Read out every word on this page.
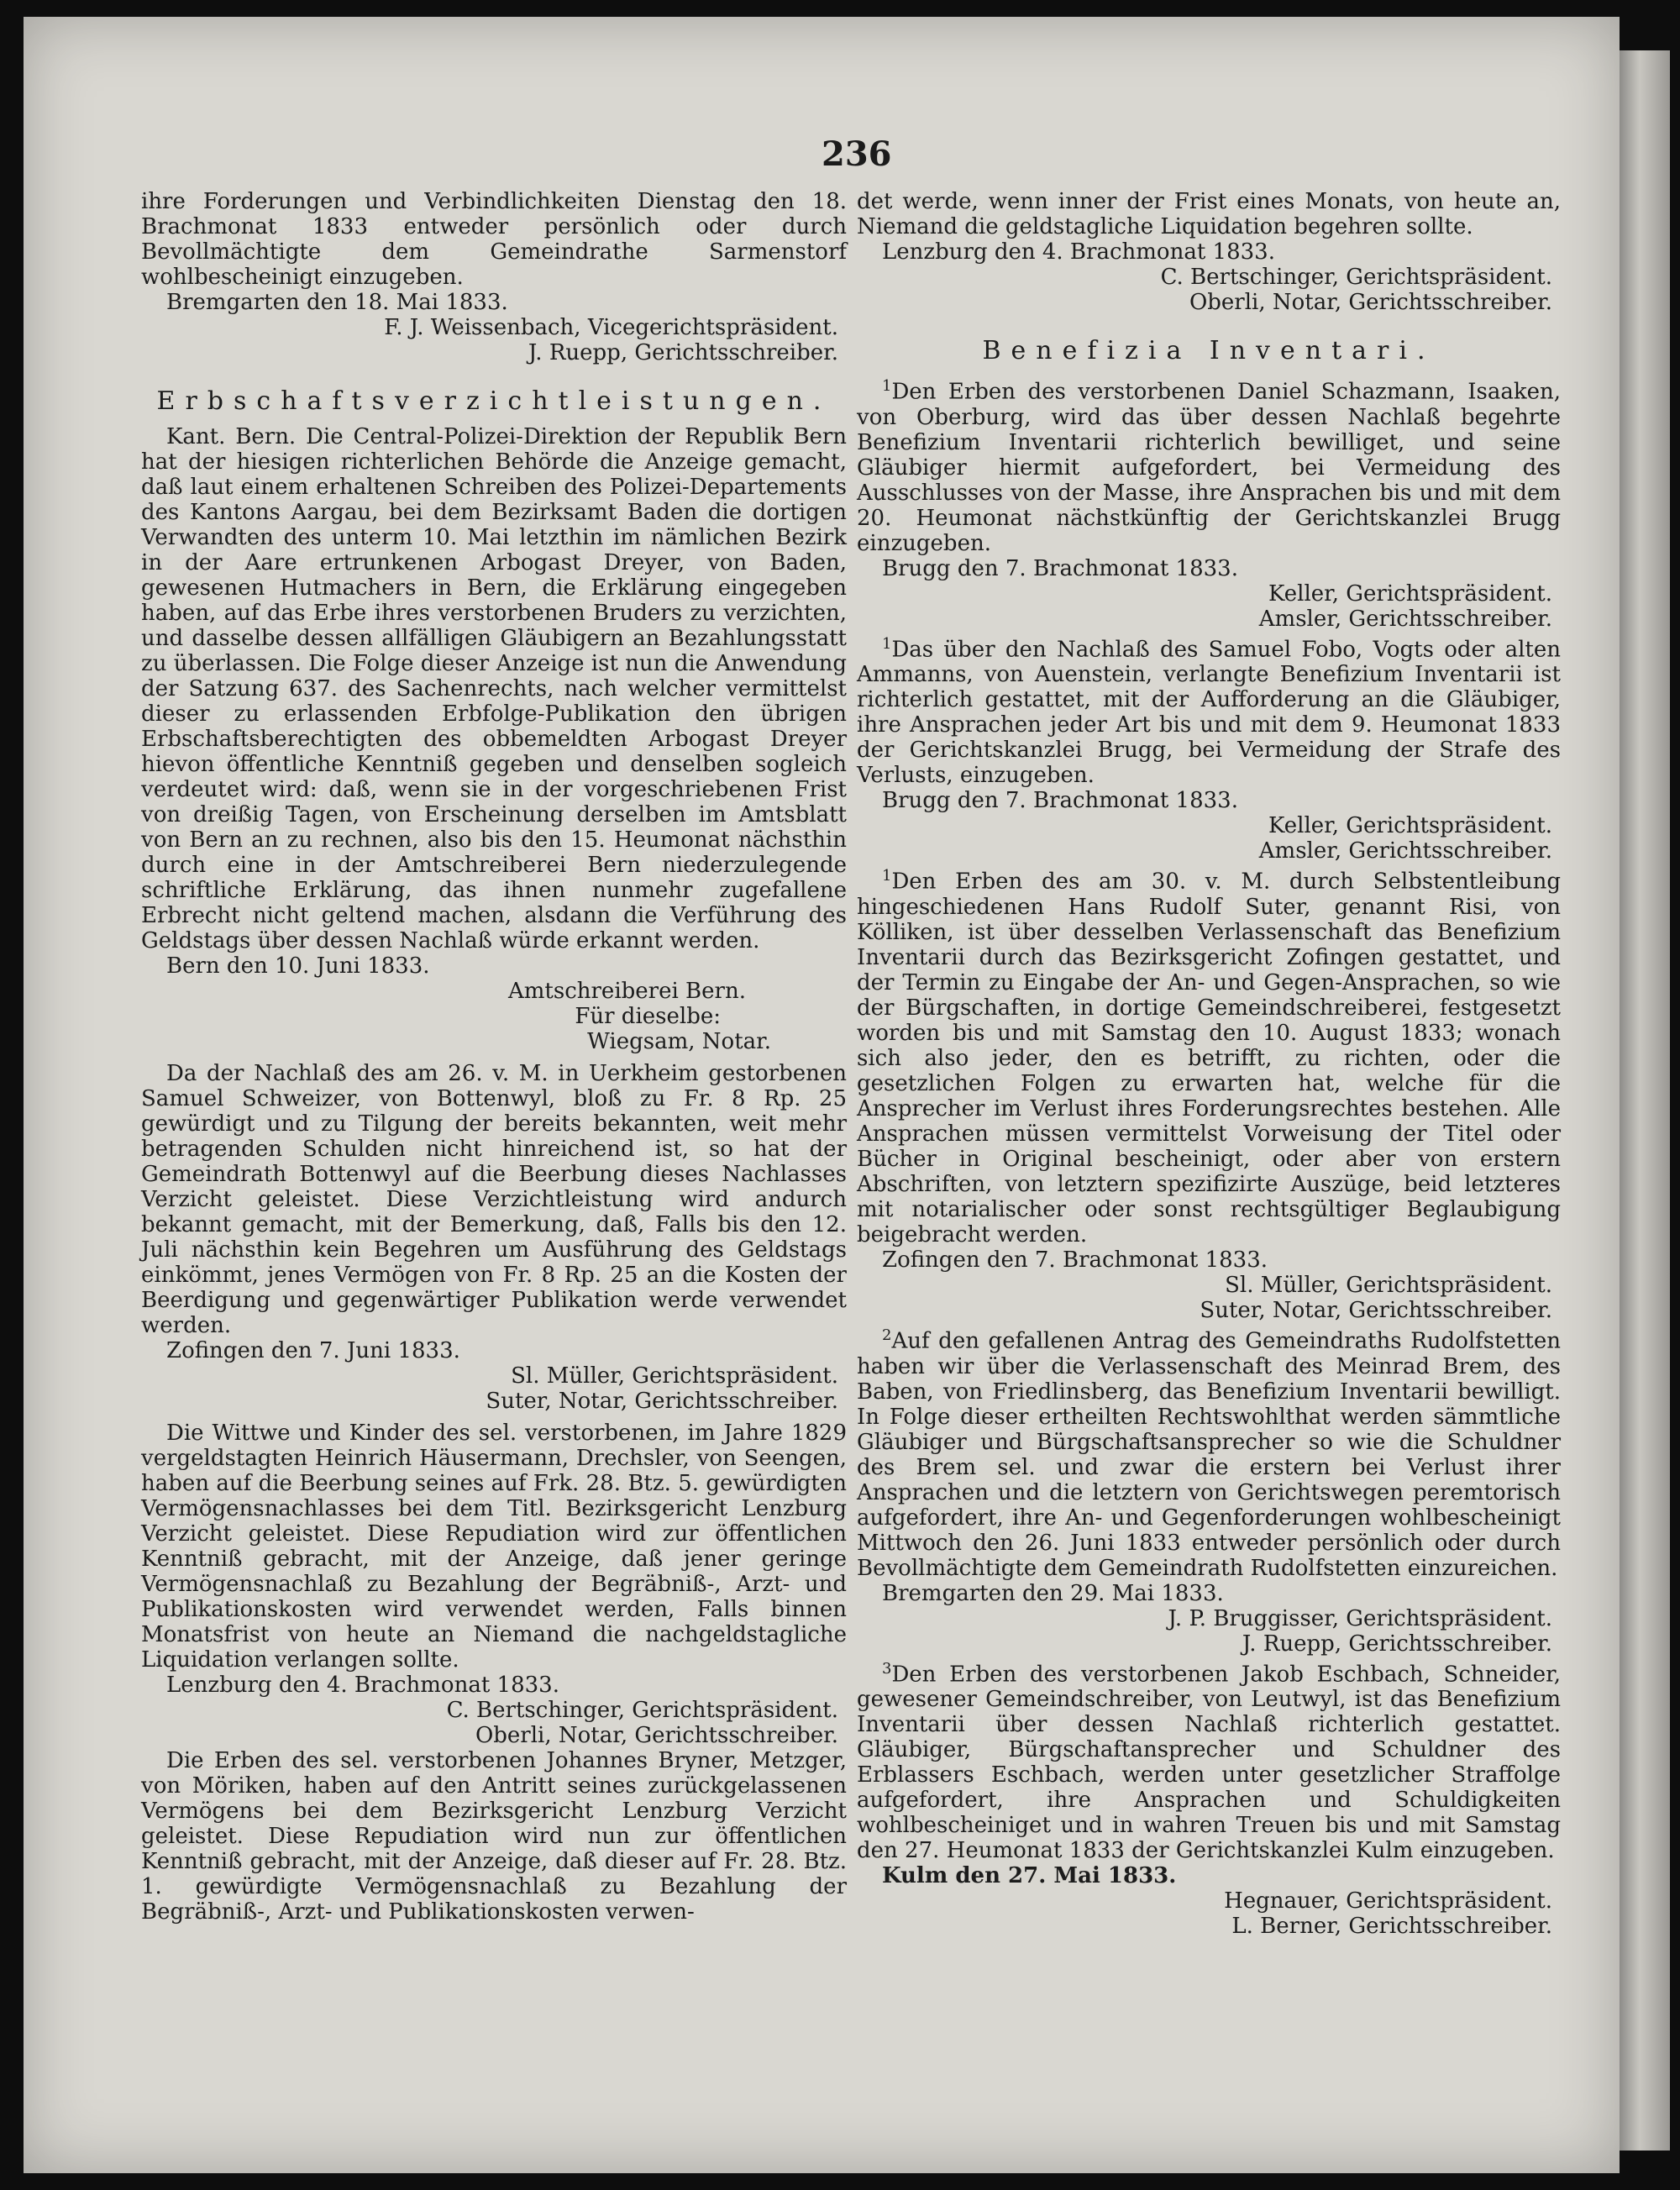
236

ihre Forderungen und Verbindlichkeiten Dienstag den 18. Brachmonat 1833 entweder persönlich oder durch Bevollmächtigte dem Gemeindrathe Sarmenstorf wohlbescheinigt einzugeben.

Bremgarten den 18. Mai 1833.

F. J. Weissenbach, Vicegerichtspräsident.

J. Ruepp, Gerichtsschreiber.

Erbschaftsverzichtleistungen.

Kant. Bern. Die Central-Polizei-Direktion der Republik Bern hat der hiesigen richterlichen Behörde die Anzeige gemacht, daß laut einem erhaltenen Schreiben des Polizei-Departements des Kantons Aargau, bei dem Bezirksamt Baden die dortigen Verwandten des unterm 10. Mai letzthin im nämlichen Bezirk in der Aare ertrunkenen Arbogast Dreyer, von Baden, gewesenen Hutmachers in Bern, die Erklärung eingegeben haben, auf das Erbe ihres verstorbenen Bruders zu verzichten, und dasselbe dessen allfälligen Gläubigern an Bezahlungsstatt zu überlassen. Die Folge dieser Anzeige ist nun die Anwendung der Satzung 637. des Sachenrechts, nach welcher vermittelst dieser zu erlassenden Erbfolge-Publikation den übrigen Erbschaftsberechtigten des obbemeldten Arbogast Dreyer hievon öffentliche Kenntniß gegeben und denselben sogleich verdeutet wird: daß, wenn sie in der vorgeschriebenen Frist von dreißig Tagen, von Erscheinung derselben im Amtsblatt von Bern an zu rechnen, also bis den 15. Heumonat nächsthin durch eine in der Amtschreiberei Bern niederzulegende schriftliche Erklärung, das ihnen nunmehr zugefallene Erbrecht nicht geltend machen, alsdann die Verführung des Geldstags über dessen Nachlaß würde erkannt werden.

Bern den 10. Juni 1833.

Amtschreiberei Bern.

Für dieselbe:

Wiegsam, Notar.

Da der Nachlaß des am 26. v. M. in Uerkheim gestorbenen Samuel Schweizer, von Bottenwyl, bloß zu Fr. 8 Rp. 25 gewürdigt und zu Tilgung der bereits bekannten, weit mehr betragenden Schulden nicht hinreichend ist, so hat der Gemeindrath Bottenwyl auf die Beerbung dieses Nachlasses Verzicht geleistet. Diese Verzichtleistung wird andurch bekannt gemacht, mit der Bemerkung, daß, Falls bis den 12. Juli nächsthin kein Begehren um Ausführung des Geldstags einkömmt, jenes Vermögen von Fr. 8 Rp. 25 an die Kosten der Beerdigung und gegenwärtiger Publikation werde verwendet werden.

Zofingen den 7. Juni 1833.

Sl. Müller, Gerichtspräsident.

Suter, Notar, Gerichtsschreiber.

Die Wittwe und Kinder des sel. verstorbenen, im Jahre 1829 vergeldstagten Heinrich Häusermann, Drechsler, von Seengen, haben auf die Beerbung seines auf Frk. 28. Btz. 5. gewürdigten Vermögensnachlasses bei dem Titl. Bezirksgericht Lenzburg Verzicht geleistet. Diese Repudiation wird zur öffentlichen Kenntniß gebracht, mit der Anzeige, daß jener geringe Vermögensnachlaß zu Bezahlung der Begräbniß-, Arzt- und Publikationskosten wird verwendet werden, Falls binnen Monatsfrist von heute an Niemand die nachgeldstagliche Liquidation verlangen sollte.

Lenzburg den 4. Brachmonat 1833.

C. Bertschinger, Gerichtspräsident.

Oberli, Notar, Gerichtsschreiber.

Die Erben des sel. verstorbenen Johannes Bryner, Metzger, von Möriken, haben auf den Antritt seines zurückgelassenen Vermögens bei dem Bezirksgericht Lenzburg Verzicht geleistet. Diese Repudiation wird nun zur öffentlichen Kenntniß gebracht, mit der Anzeige, daß dieser auf Fr. 28. Btz. 1. gewürdigte Vermögensnachlaß zu Bezahlung der Begräbniß-, Arzt- und Publikationskosten verwen-

det werde, wenn inner der Frist eines Monats, von heute an, Niemand die geldstagliche Liquidation begehren sollte.

Lenzburg den 4. Brachmonat 1833.

C. Bertschinger, Gerichtspräsident.

Oberli, Notar, Gerichtsschreiber.

Benefizia Inventari.

$^1$Den Erben des verstorbenen Daniel Schazmann, Isaaken, von Oberburg, wird das über dessen Nachlaß begehrte Benefizium Inventarii richterlich bewilliget, und seine Gläubiger hiermit aufgefordert, bei Vermeidung des Ausschlusses von der Masse, ihre Ansprachen bis und mit dem 20. Heumonat nächstkünftig der Gerichtskanzlei Brugg einzugeben.

Brugg den 7. Brachmonat 1833.

Keller, Gerichtspräsident.

Amsler, Gerichtsschreiber.

$^1$Das über den Nachlaß des Samuel Fobo, Vogts oder alten Ammanns, von Auenstein, verlangte Benefizium Inventarii ist richterlich gestattet, mit der Aufforderung an die Gläubiger, ihre Ansprachen jeder Art bis und mit dem 9. Heumonat 1833 der Gerichtskanzlei Brugg, bei Vermeidung der Strafe des Verlusts, einzugeben.

Brugg den 7. Brachmonat 1833.

Keller, Gerichtspräsident.

Amsler, Gerichtsschreiber.

$^1$Den Erben des am 30. v. M. durch Selbstentleibung hingeschiedenen Hans Rudolf Suter, genannt Risi, von Kölliken, ist über desselben Verlassenschaft das Benefizium Inventarii durch das Bezirksgericht Zofingen gestattet, und der Termin zu Eingabe der An- und Gegen-Ansprachen, so wie der Bürgschaften, in dortige Gemeindschreiberei, festgesetzt worden bis und mit Samstag den 10. August 1833; wonach sich also jeder, den es betrifft, zu richten, oder die gesetzlichen Folgen zu erwarten hat, welche für die Ansprecher im Verlust ihres Forderungsrechtes bestehen. Alle Ansprachen müssen vermittelst Vorweisung der Titel oder Bücher in Original bescheinigt, oder aber von erstern Abschriften, von letztern spezifizirte Auszüge, beid letzteres mit notarialischer oder sonst rechtsgültiger Beglaubigung beigebracht werden.

Zofingen den 7. Brachmonat 1833.

Sl. Müller, Gerichtspräsident.

Suter, Notar, Gerichtsschreiber.

$^2$Auf den gefallenen Antrag des Gemeindraths Rudolfstetten haben wir über die Verlassenschaft des Meinrad Brem, des Baben, von Friedlinsberg, das Benefizium Inventarii bewilligt. In Folge dieser ertheilten Rechtswohlthat werden sämmtliche Gläubiger und Bürgschaftsansprecher so wie die Schuldner des Brem sel. und zwar die erstern bei Verlust ihrer Ansprachen und die letztern von Gerichtswegen peremtorisch aufgefordert, ihre An- und Gegenforderungen wohlbescheinigt Mittwoch den 26. Juni 1833 entweder persönlich oder durch Bevollmächtigte dem Gemeindrath Rudolfstetten einzureichen.

Bremgarten den 29. Mai 1833.

J. P. Bruggisser, Gerichtspräsident.

J. Ruepp, Gerichtsschreiber.

$^3$Den Erben des verstorbenen Jakob Eschbach, Schneider, gewesener Gemeindschreiber, von Leutwyl, ist das Benefizium Inventarii über dessen Nachlaß richterlich gestattet. Gläubiger, Bürgschaftansprecher und Schuldner des Erblassers Eschbach, werden unter gesetzlicher Straffolge aufgefordert, ihre Ansprachen und Schuldigkeiten wohlbescheiniget und in wahren Treuen bis und mit Samstag den 27. Heumonat 1833 der Gerichtskanzlei Kulm einzugeben.

Kulm den 27. Mai 1833.

Hegnauer, Gerichtspräsident.

L. Berner, Gerichtsschreiber.
